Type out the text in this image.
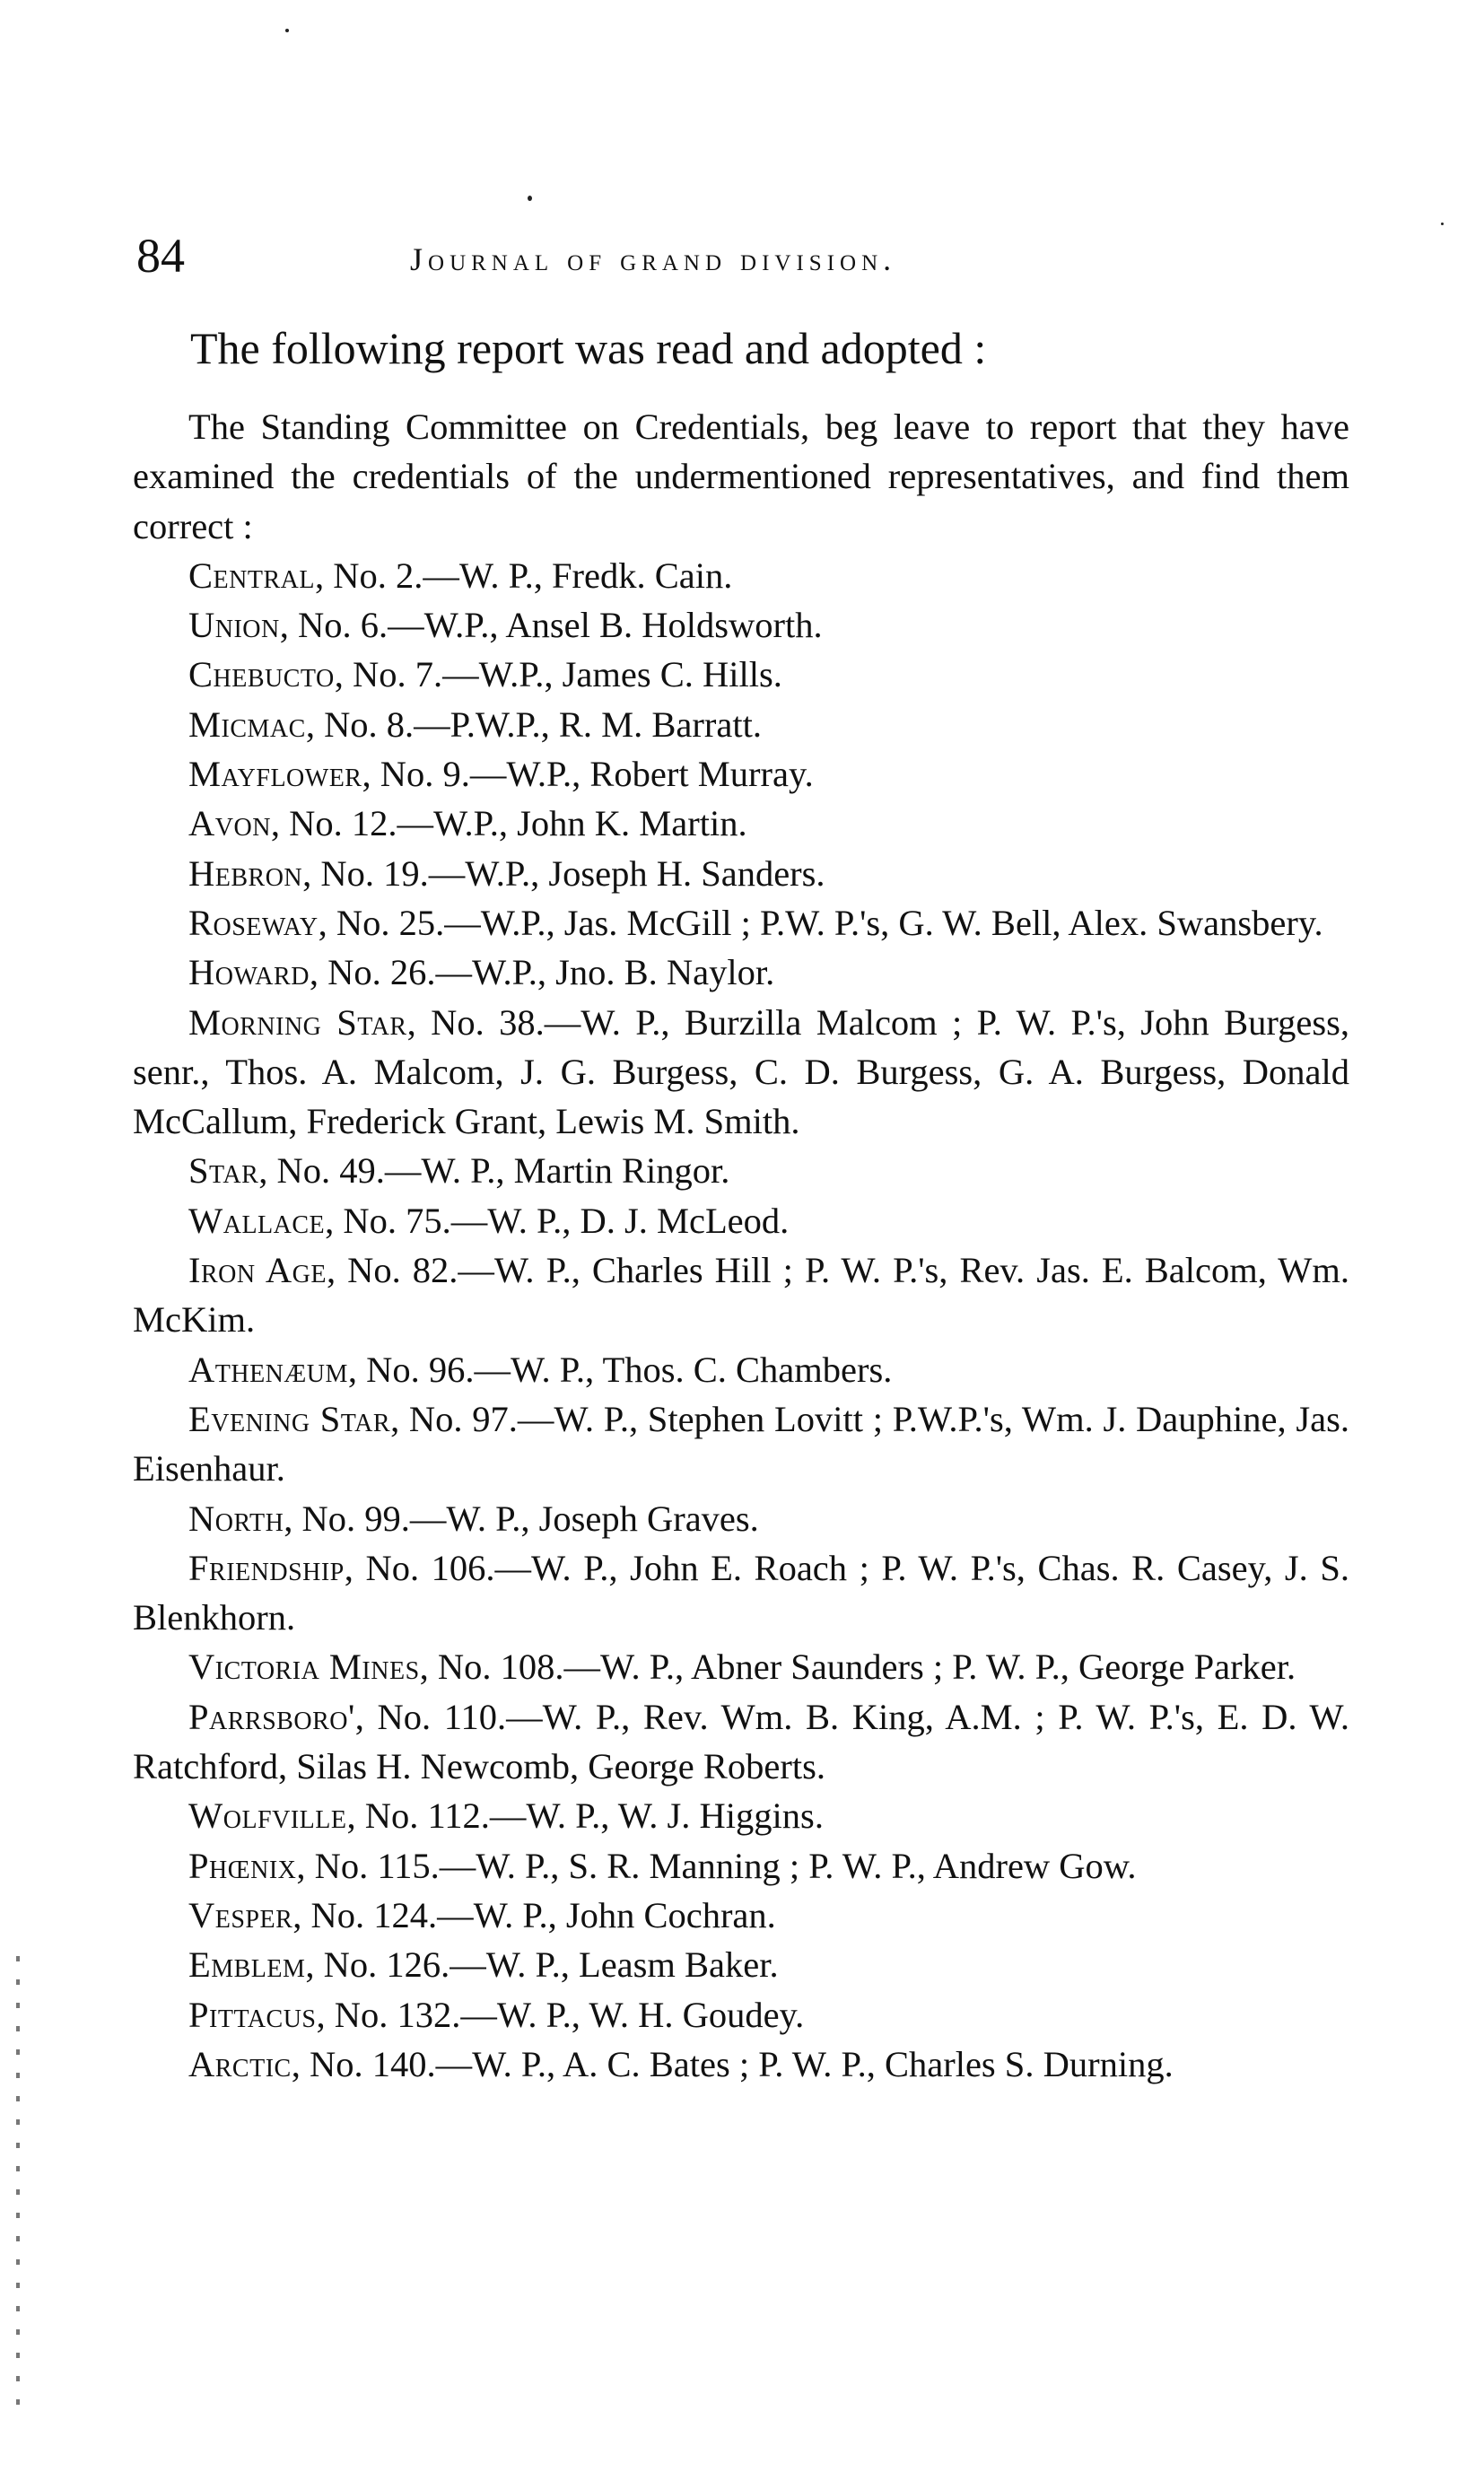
84	journal of grand division.
The following report was read and adopted :

The Standing Committee on Credentials, beg leave to report that they have examined the credentials of the undermentioned representatives, and find them correct :

Central, No. 2.—W. P., Fredk. Cain.

Union, No. 6.—W.P., Ansel B. Holdsworth.

Chebucto, No. 7.—W.P., James C. Hills.

Micmac, No. 8.—P.W.P., R. M. Barratt.

Mayflower, No. 9.—W.P., Robert Murray.

Avon, No. 12.—W.P., John K. Martin.

Hebron, No. 19.—W.P., Joseph H. Sanders.

Roseway, No. 25.—W.P., Jas. McGill ; P.W. P.'s, G. W. Bell, Alex. Swansbery.

Howard, No. 26.—W.P., Jno. B. Naylor.

Morning Star, No. 38.—W. P., Burzilla Malcom ; P. W. P.'s, John Burgess, senr., Thos. A. Malcom, J. G. Burgess, C. D. Burgess, G. A. Burgess, Donald McCallum, Frederick Grant, Lewis M. Smith.

Star, No. 49.—W. P., Martin Ringor.

Wallace, No. 75.—W. P., D. J. McLeod.

Iron Age, No. 82.—W. P., Charles Hill ; P. W. P.'s, Rev. Jas. E. Balcom, Wm. McKim.

Athenæum, No. 96.—W. P., Thos. C. Chambers.

Evening Star, No. 97.—W. P., Stephen Lovitt ; P.W.P.'s, Wm. J. Dauphine, Jas. Eisenhaur.

North, No. 99.—W. P., Joseph Graves.

Friendship, No. 106.—W. P., John E. Roach ; P. W. P.'s, Chas. R. Casey, J. S. Blenkhorn.

Victoria Mines, No. 108.—W. P., Abner Saunders ; P. W. P., George Parker.

Parrsboro', No. 110.—W. P., Rev. Wm. B. King, A.M. ; P. W. P.'s, E. D. W. Ratchford, Silas H. Newcomb, George Roberts.

Wolfville, No. 112.—W. P., W. J. Higgins.

Phœnix, No. 115.—W. P., S. R. Manning ; P. W. P., Andrew Gow.

Vesper, No. 124.—W. P., John Cochran.

Emblem, No. 126.—W. P., Leasm Baker.

Pittacus, No. 132.—W. P., W. H. Goudey.

Arctic, No. 140.—W. P., A. C. Bates ; P. W. P., Charles S. Durning.
